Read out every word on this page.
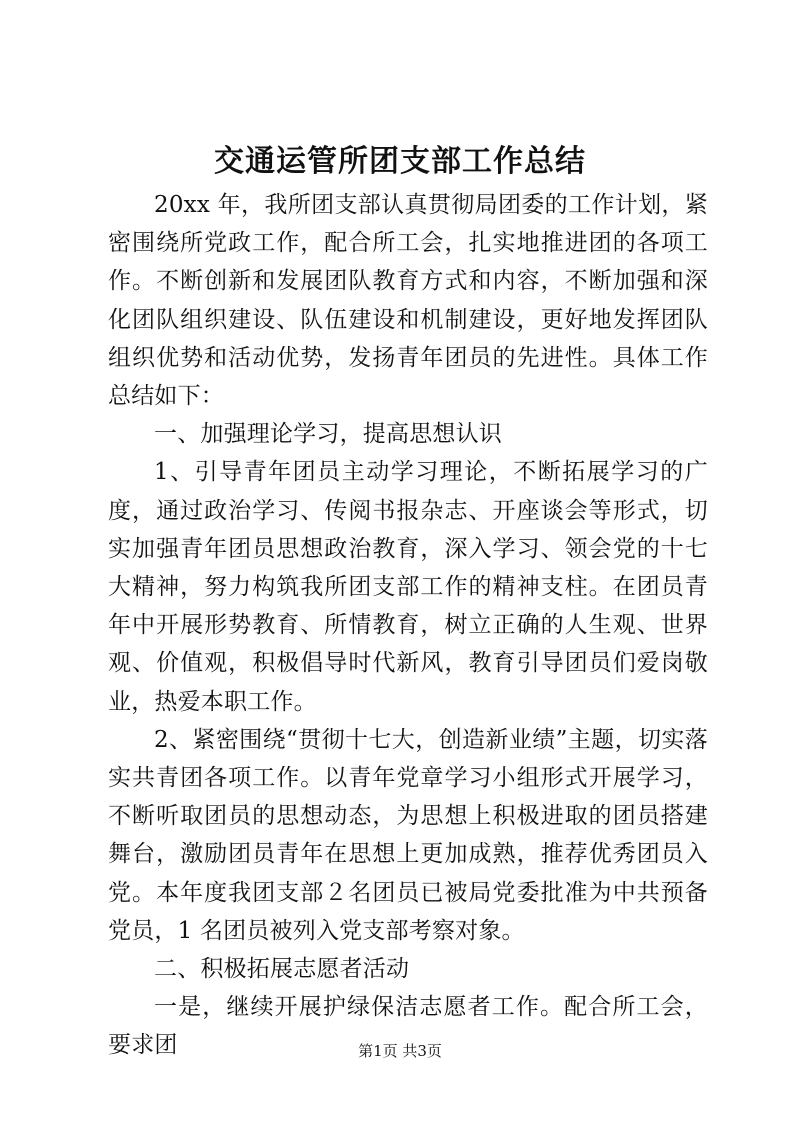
交通运管所团支部工作总结

20xx 年，我所团支部认真贯彻局团委的工作计划，紧密围绕所党政工作，配合所工会，扎实地推进团的各项工作。不断创新和发展团队教育方式和内容，不断加强和深化团队组织建设、队伍建设和机制建设，更好地发挥团队组织优势和活动优势，发扬青年团员的先进性。具体工作总结如下：

一、加强理论学习，提高思想认识

1、引导青年团员主动学习理论，不断拓展学习的广度，通过政治学习、传阅书报杂志、开座谈会等形式，切实加强青年团员思想政治教育，深入学习、领会党的十七大精神，努力构筑我所团支部工作的精神支柱。在团员青年中开展形势教育、所情教育，树立正确的人生观、世界观、价值观，积极倡导时代新风，教育引导团员们爱岗敬业，热爱本职工作。

2、紧密围绕“贯彻十七大，创造新业绩”主题，切实落实共青团各项工作。以青年党章学习小组形式开展学习，不断听取团员的思想动态，为思想上积极进取的团员搭建舞台，激励团员青年在思想上更加成熟，推荐优秀团员入党。本年度我团支部２名团员已被局党委批准为中共预备党员，1 名团员被列入党支部考察对象。

二、积极拓展志愿者活动

一是，继续开展护绿保洁志愿者工作。配合所工会，要求团	第1页 共3页
